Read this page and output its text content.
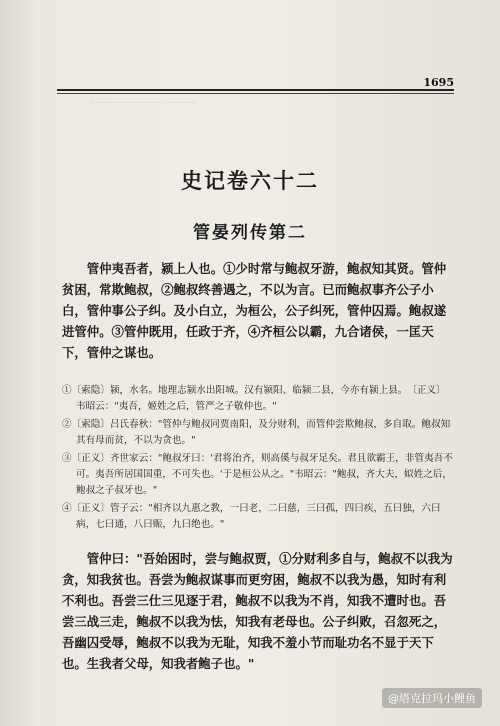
………………………………
1695
史记卷六十二
管晏列传第二

管仲夷吾者，颍上人也。①少时常与鲍叔牙游，鲍叔知其贤。管仲贫困，常欺鲍叔，②鲍叔终善遇之，不以为言。已而鲍叔事齐公子小白，管仲事公子纠。及小白立，为桓公，公子纠死，管仲囚焉。鲍叔遂进管仲。③管仲既用，任政于齐，④齐桓公以霸，九合诸侯，一匡天下，管仲之谋也。

①〔索隐〕颍，水名。地理志颍水出阳城。汉有颍阳、临颍二县，今亦有颍上县。　〔正义〕韦昭云："夷吾，姬姓之后，管严之子敬仲也。"
②〔索隐〕吕氏春秋："管仲与鲍叔同贾南阳，及分财利，而管仲尝欺鲍叔，多自取。鲍叔知其有母而贫，不以为贪也。"
③〔正义〕齐世家云："鲍叔牙曰：'君将治齐，则高傒与叔牙足矣。君且欲霸王，非管夷吾不可。夷吾所居国国重，不可失也。'于是桓公从之。"韦昭云："鲍叔，齐大夫，姒姓之后，鲍叔之子叔牙也。"
④〔正义〕管子云："相齐以九惠之教，一曰老，二曰慈，三曰孤，四曰疾，五曰独，六曰病，七曰通，八曰赈，九曰绝也。"

管仲曰："吾始困时，尝与鲍叔贾，①分财利多自与，鲍叔不以我为贪，知我贫也。吾尝为鲍叔谋事而更穷困，鲍叔不以我为愚，知时有利不利也。吾尝三仕三见逐于君，鲍叔不以我为不肖，知我不遭时也。吾尝三战三走，鲍叔不以我为怯，知我有老母也。公子纠败，召忽死之，吾幽囚受辱，鲍叔不以我为无耻，知我不羞小节而耻功名不显于天下也。生我者父母，知我者鲍子也。"

@塔克拉玛小鲤鱼
